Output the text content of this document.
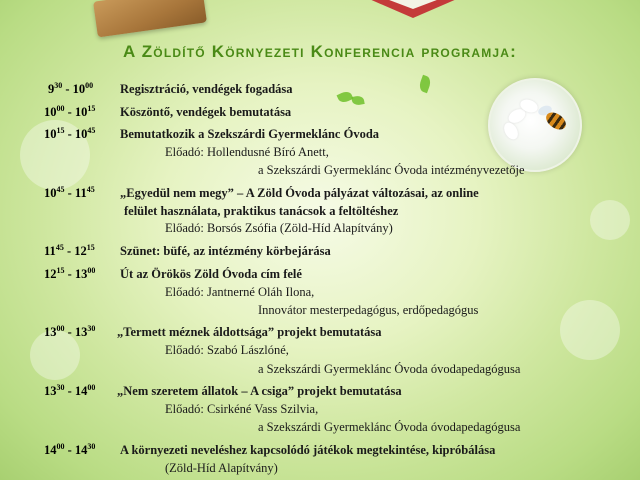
A Zöldítő Környezeti Konferencia programja:
$9^{30} - 10^{00}$ Regisztráció, vendégek fogadása
$10^{00} - 10^{15}$ Köszöntő, vendégek bemutatása
$10^{15} - 10^{45}$ Bemutatkozik a Szekszárdi Gyermeklánc Óvoda
Előadó: Hollendusné Bíró Anett,
a Szekszárdi Gyermeklánc Óvoda intézményvezetője
$10^{45} - 11^{45}$ „Egyedül nem megy” – A Zöld Óvoda pályázat változásai, az online
felület használata, praktikus tanácsok a feltöltéshez
Előadó: Borsós Zsófia (Zöld-Híd Alapítvány)
$11^{45} - 12^{15}$ Szünet: büfé, az intézmény körbejárása
$12^{15} - 13^{00}$ Út az Örökös Zöld Óvoda cím felé
Előadó: Jantnerné Oláh Ilona,
Innovátor mesterpedagógus, erdőpedagógus
$13^{00} - 13^{30}$ „Termett méznek áldottsága” projekt bemutatása
Előadó: Szabó Lászlóné,
a Szekszárdi Gyermeklánc Óvoda óvodapedagógusa
$13^{30} - 14^{00}$ „Nem szeretem állatok – A csiga” projekt bemutatása
Előadó: Csirkéné Vass Szilvia,
a Szekszárdi Gyermeklánc Óvoda óvodapedagógusa
$14^{00} - 14^{30}$ A környezeti neveléshez kapcsolódó játékok megtekintése, kipróbálása
(Zöld-Híd Alapítvány)
